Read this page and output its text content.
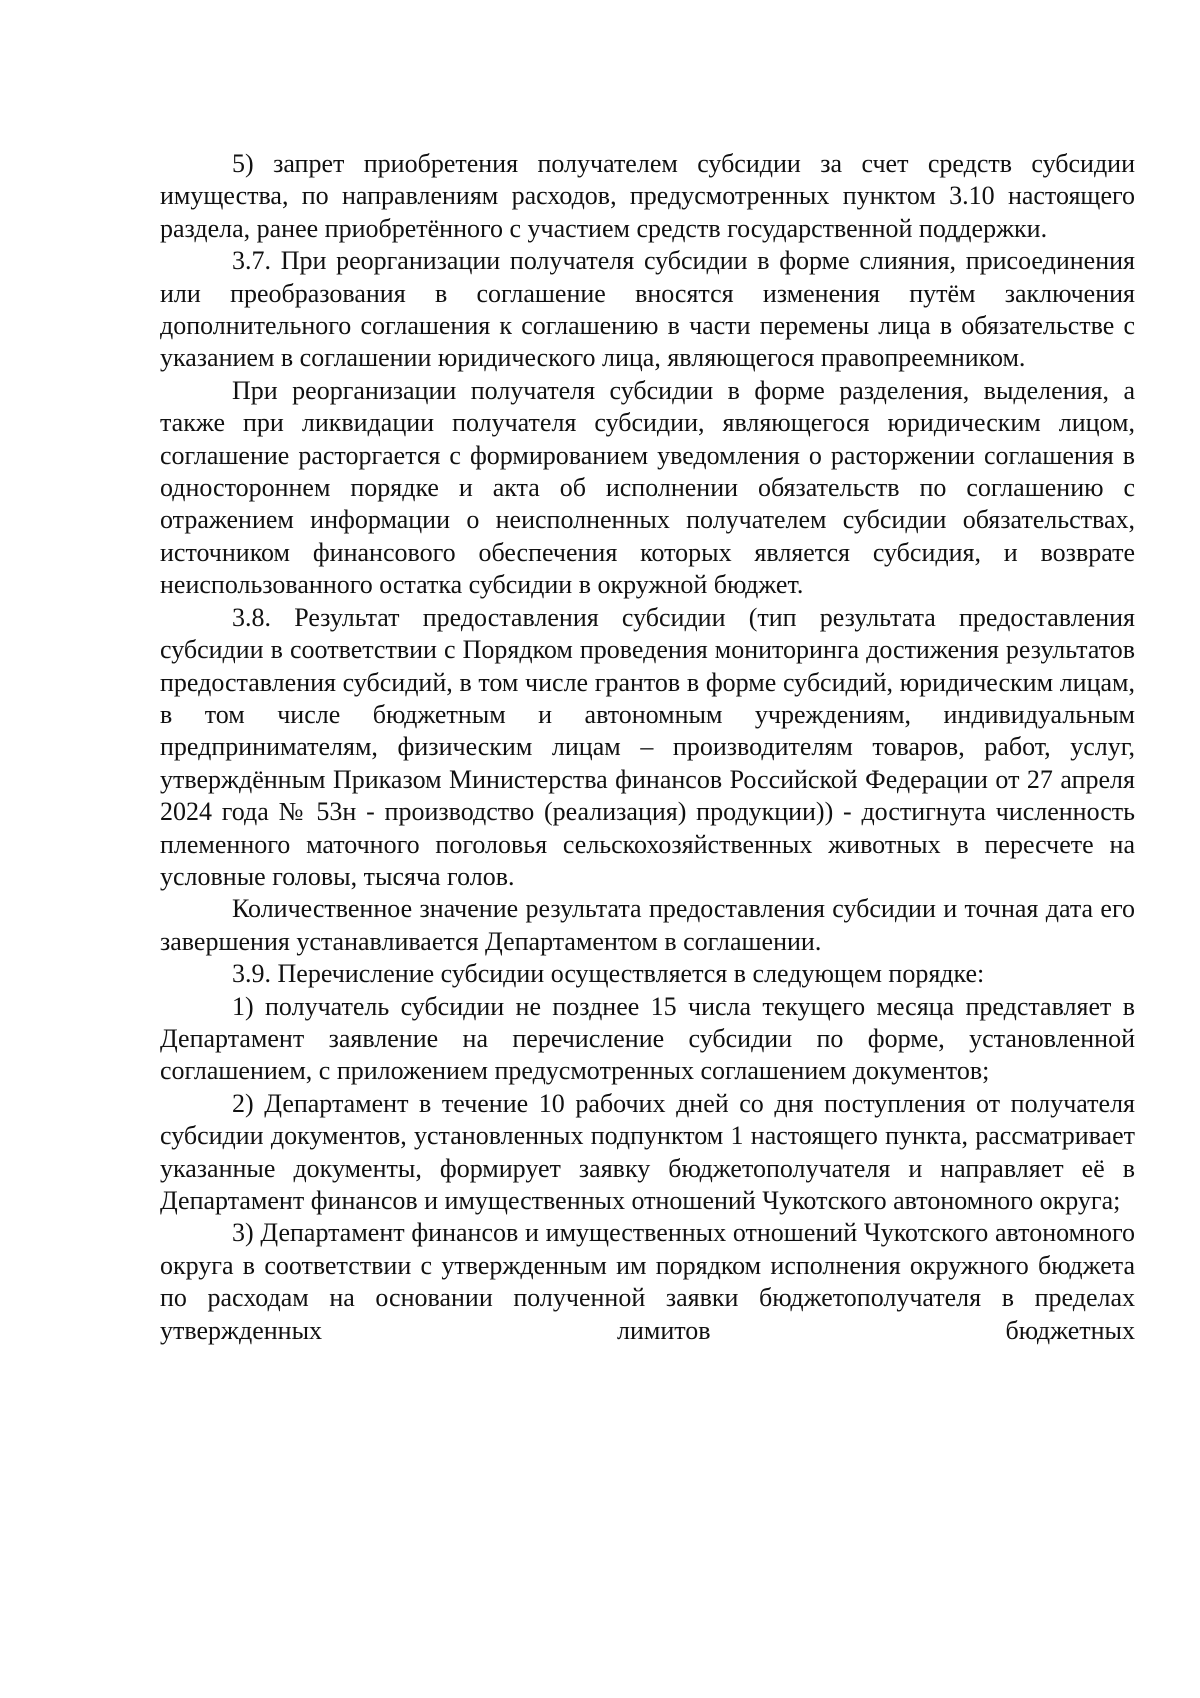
5) запрет приобретения получателем субсидии за счет средств субсидии имущества, по направлениям расходов, предусмотренных пунктом 3.10 настоящего раздела, ранее приобретённого с участием средств государственной поддержки.

3.7. При реорганизации получателя субсидии в форме слияния, присоединения или преобразования в соглашение вносятся изменения путём заключения дополнительного соглашения к соглашению в части перемены лица в обязательстве с указанием в соглашении юридического лица, являющегося правопреемником.

При реорганизации получателя субсидии в форме разделения, выделения, а также при ликвидации получателя субсидии, являющегося юридическим лицом, соглашение расторгается с формированием уведомления о расторжении соглашения в одностороннем порядке и акта об исполнении обязательств по соглашению с отражением информации о неисполненных получателем субсидии обязательствах, источником финансового обеспечения которых является субсидия, и возврате неиспользованного остатка субсидии в окружной бюджет.

3.8. Результат предоставления субсидии (тип результата предоставления субсидии в соответствии с Порядком проведения мониторинга достижения результатов предоставления субсидий, в том числе грантов в форме субсидий, юридическим лицам, в том числе бюджетным и автономным учреждениям, индивидуальным предпринимателям, физическим лицам – производителям товаров, работ, услуг, утверждённым Приказом Министерства финансов Российской Федерации от 27 апреля 2024 года № 53н - производство (реализация) продукции)) - достигнута численность племенного маточного поголовья сельскохозяйственных животных в пересчете на условные головы, тысяча голов.

Количественное значение результата предоставления субсидии и точная дата его завершения устанавливается Департаментом в соглашении.

3.9. Перечисление субсидии осуществляется в следующем порядке:

1) получатель субсидии не позднее 15 числа текущего месяца представляет в Департамент заявление на перечисление субсидии по форме, установленной соглашением, с приложением предусмотренных соглашением документов;

2) Департамент в течение 10 рабочих дней со дня поступления от получателя субсидии документов, установленных подпунктом 1 настоящего пункта, рассматривает указанные документы, формирует заявку бюджетополучателя и направляет её в Департамент финансов и имущественных отношений Чукотского автономного округа;

3) Департамент финансов и имущественных отношений Чукотского автономного округа в соответствии с утвержденным им порядком исполнения окружного бюджета по расходам на основании полученной заявки бюджетополучателя в пределах утвержденных лимитов бюджетных
